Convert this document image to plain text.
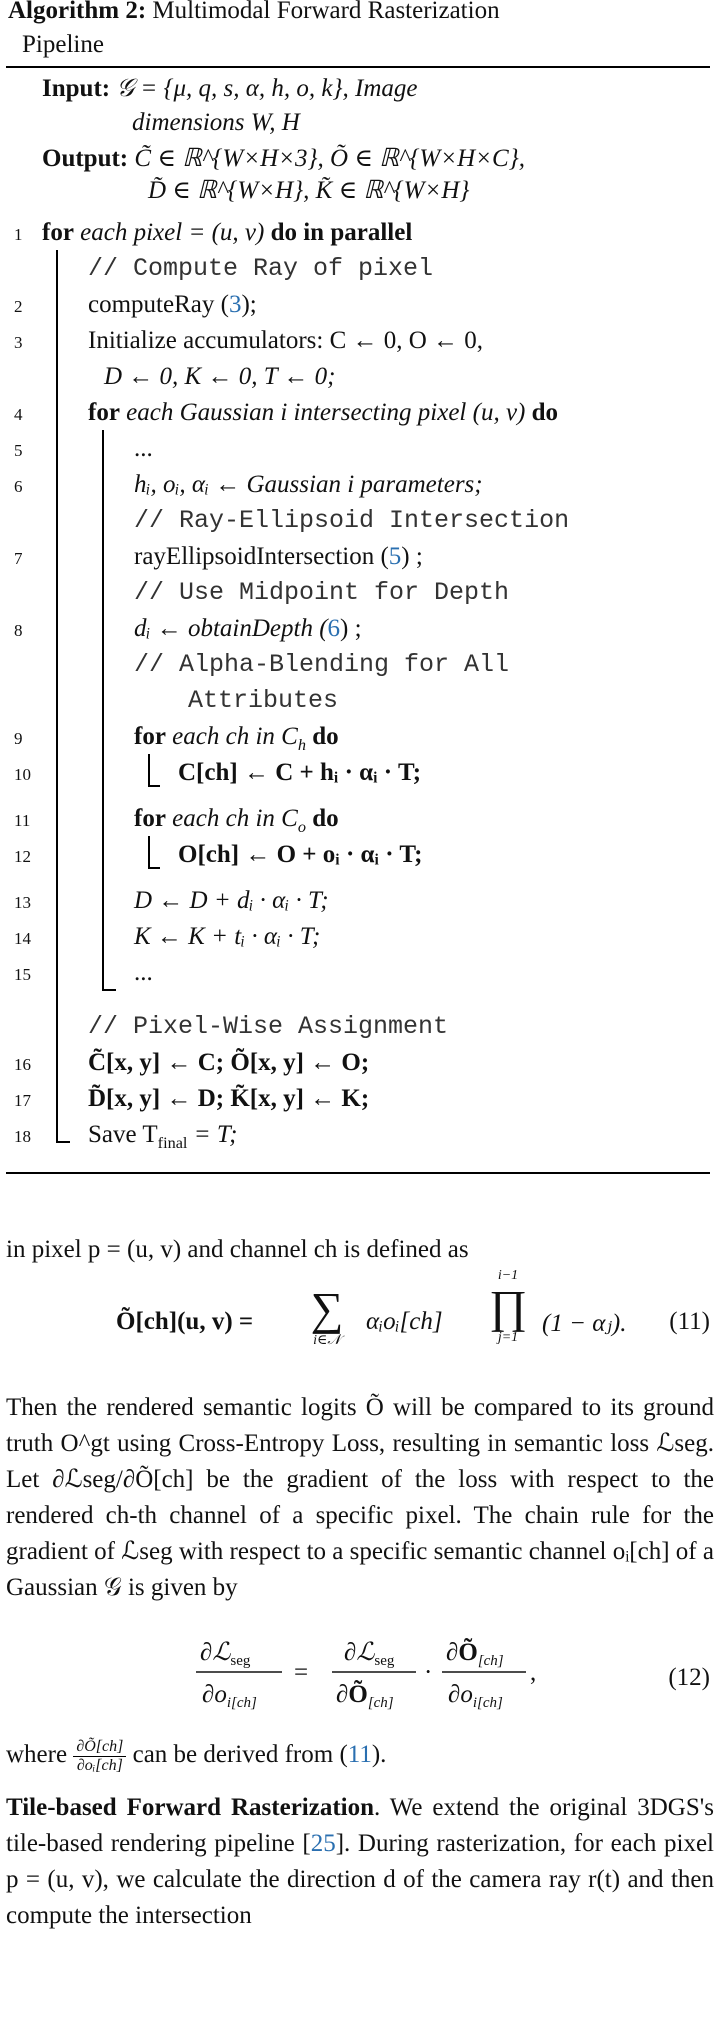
Algorithm 2: Multimodal Forward Rasterization
Pipeline
Input: 𝒢 = {μ, q, s, α, h, o, k}, Image
dimensions W, H
Output: C̃ ∈ ℝ^{W×H×3}, Õ ∈ ℝ^{W×H×C},
D̃ ∈ ℝ^{W×H}, K̃ ∈ ℝ^{W×H}
1
2
3
4
5
6
7
8
9
10
11
12
13
14
15
16
17
18
for each pixel = (u, v) do in parallel
// Compute Ray of pixel
computeRay (3);
Initialize accumulators: C ← 0, O ← 0,
D ← 0, K ← 0, T ← 0;
for each Gaussian i intersecting pixel (u, v) do
...
hᵢ, oᵢ, αᵢ ← Gaussian i parameters;
// Ray-Ellipsoid Intersection
rayEllipsoidIntersection (5) ;
// Use Midpoint for Depth
dᵢ ← obtainDepth (6) ;
// Alpha-Blending for All
Attributes
for each ch in $C_h$ do
C[ch] ← C + hᵢ · αᵢ · T;
for each ch in $C_o$ do
O[ch] ← O + oᵢ · αᵢ · T;
D ← D + dᵢ · αᵢ · T;
K ← K + tᵢ · αᵢ · T;
...
// Pixel-Wise Assignment
C̃[x, y] ← C; Õ[x, y] ← O;
D̃[x, y] ← D; K̃[x, y] ← K;
Save $T_{final} = T$;

in pixel p = (u, v) and channel ch is defined as

Õ[ch](u, v) =	∑
i∈𝒩
αᵢoᵢ[ch]
i−1
∏
j=1
(1 − αⱼ). (11)

Then the rendered semantic logits Õ will be compared to its ground truth O^gt using Cross-Entropy Loss, resulting in semantic loss ℒseg. Let ∂ℒseg/∂Õ[ch] be the gradient of the loss with respect to the rendered ch-th channel of a specific pixel. The chain rule for the gradient of ℒseg with respect to a specific semantic channel oᵢ[ch] of a Gaussian 𝒢 is given by

∂ℒ$_{seg}$
$\partial o_{i[ch]}$
=
∂ℒ$_{seg}$
$\partial Õ_{[ch]}$
·
$\partial Õ_{[ch]}$
$\partial o_{i[ch]}$
,	(12)
where $\frac{\partial Õ[ch]}{\text{∂oᵢ[ch]}}$ can be derived from (11).
Tile-based Forward Rasterization. We extend the original 3DGS's tile-based rendering pipeline [25]. During rasterization, for each pixel p = (u, v), we calculate the direction d of the camera ray r(t) and then compute the intersection
